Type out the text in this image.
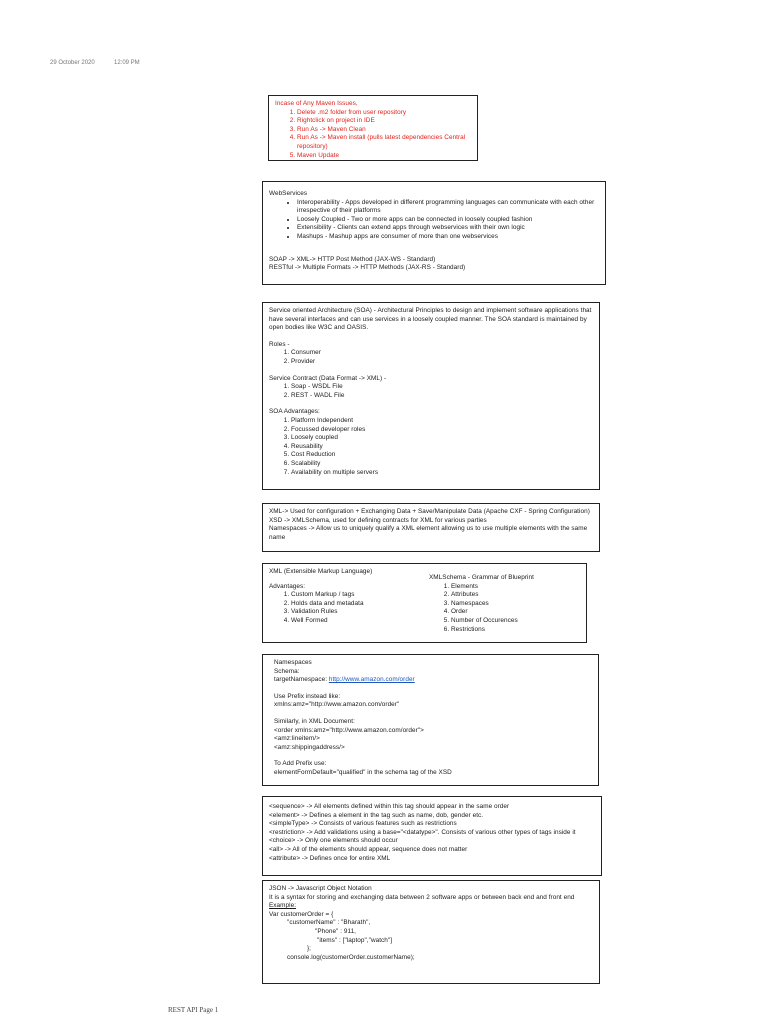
29 October 2020	12:09 PM

Incase of Any Maven Issues,

1. Delete .m2 folder from user repository
2. Rightclick on project in IDE
3. Run As -> Maven Clean
4. Run As -> Maven install (pulls latest dependencies Central repository)
5. Maven Update

WebServices

• Interoperability - Apps developed in different programming languages can communicate with each other irrespective of their platforms
• Loosely Coupled - Two or more apps can be connected in loosely coupled fashion
• Extensibility - Clients can extend apps through webservices with their own logic
• Mashups - Mashup apps are consumer of more than one webservices

SOAP -> XML-> HTTP Post Method (JAX-WS - Standard)

RESTful -> Multiple Formats -> HTTP Methods (JAX-RS - Standard)

Service oriented Architecture (SOA) - Architectural Principles to design and implement software applications that have several interfaces and can use services in a loosely coupled manner. The SOA standard is maintained by open bodies like W3C and OASIS.

Roles -

1. Consumer
2. Provider

Service Contract (Data Format -> XML) -

1. Soap - WSDL File
2. REST - WADL File

SOA Advantages:

1. Platform Independent
2. Focussed developer roles
3. Loosely coupled
4. Reusability
5. Cost Reduction
6. Scalability
7. Availability on multiple servers

XML-> Used for configuration + Exchanging Data + Save/Manipulate Data (Apache CXF - Spring Configuration)

XSD -> XMLSchema, used for defining contracts for XML for various parties

Namespaces -> Allow us to uniquely qualify a XML element allowing us to use multiple elements with the same name

XML (Extensible Markup Language)

Advantages:

1. Custom Markup / tags
2. Holds data and metadata
3. Validation Rules
4. Well Formed

XMLSchema - Grammar of Blueprint

1. Elements
2. Attributes
3. Namespaces
4. Order
5. Number of Occurences
6. Restrictions

Namespaces

Schema:

targetNamespace: http://www.amazon.com/order

Use Prefix instead like:

xmlns:amz="http://www.amazon.com/order"

Similarly, in XML Document:

<order xmlns:amz="http://www.amazon.com/order">

<amz:lineitem/>

<amz:shippingaddress/>

To Add Prefix use:

elementFormDefault="qualified" in the schema tag of the XSD

<sequence> -> All elements defined within this tag should appear in the same order

<element> -> Defines a element in the tag such as name, dob, gender etc.

<simpleType> -> Consists of various features such as restrictions

<restriction> -> Add validations using a base="<datatype>". Consists of various other types of tags inside it

<choice> -> Only one elements should occur

<all> -> All of the elements should appear, sequence does not matter

<attribute> -> Defines once for entire XML

JSON -> Javascript Object Notation

It is a syntax for storing and exchanging data between 2 software apps or between back end and front end

Example:

Var customerOrder = {

"customerName" : "Bharath",

"Phone" : 911,

"items" : ["laptop","watch"]

};

console.log(customerOrder.customerName);

REST API Page 1
